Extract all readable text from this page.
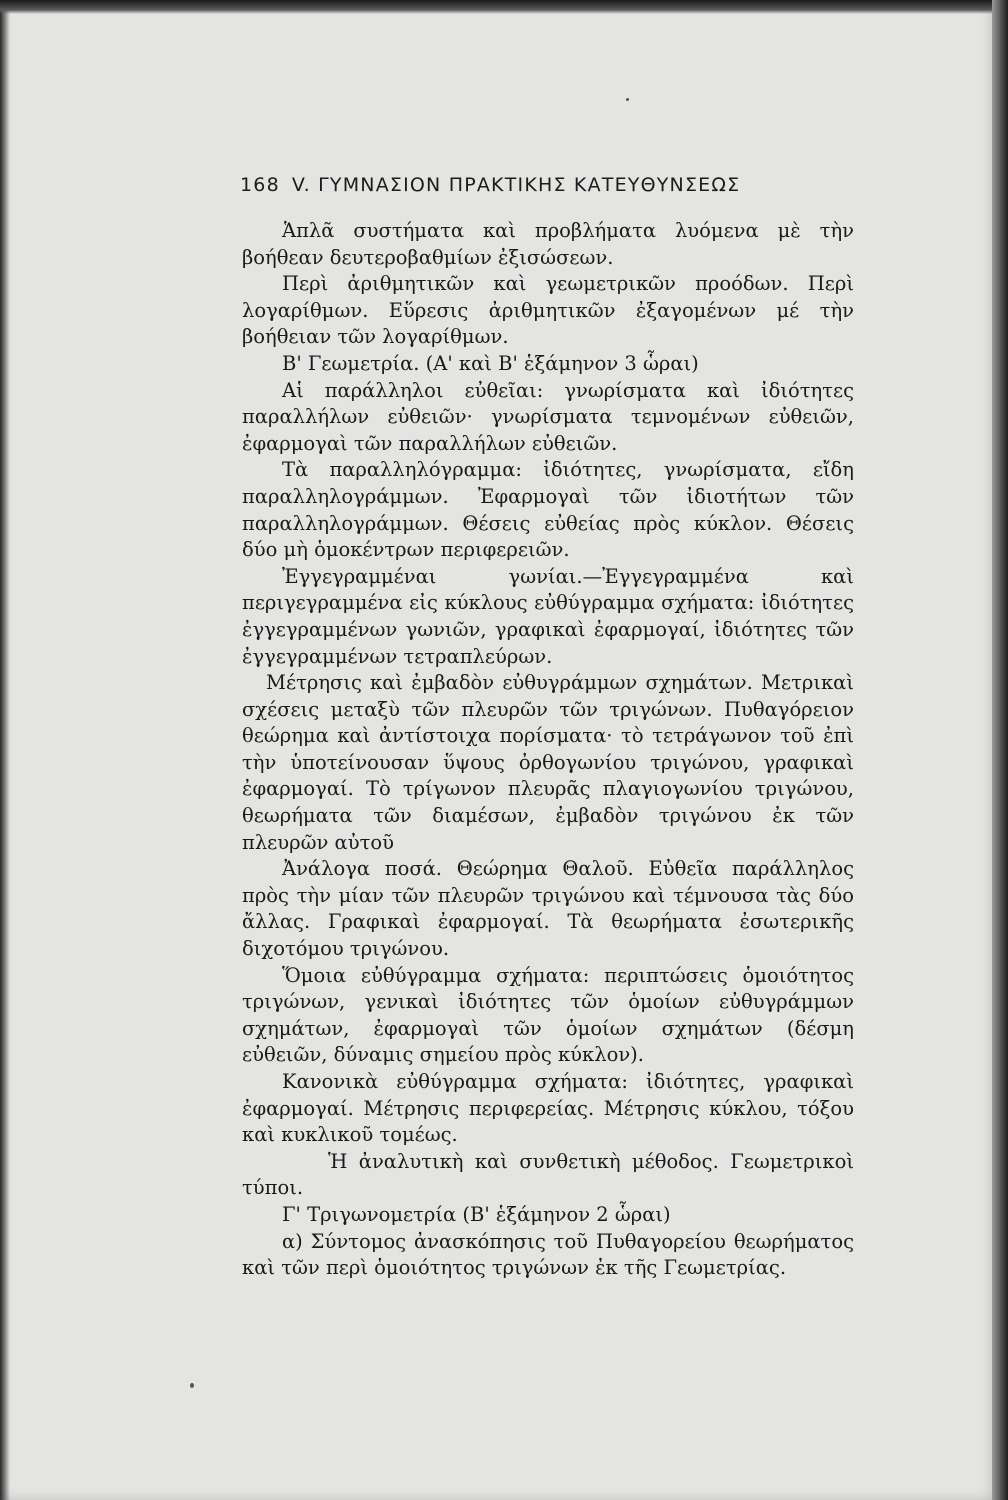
168 V. ΓΥΜΝΑΣΙΟΝ ΠΡΑΚΤΙΚΗΣ ΚΑΤΕΥΘΥΝΣΕΩΣ

Ἁπλᾶ συστήματα καὶ προβλήματα λυόμενα μὲ τὴν βοήθεαν δευτεροβαθμίων ἐξισώσεων.

Περὶ ἀριθμητικῶν καὶ γεωμετρικῶν προόδων. Περὶ λογαρίθμων. Εὕρεσις ἀριθμητικῶν ἐξαγομένων μέ τὴν βοήθειαν τῶν λογαρίθμων.

Β' Γεωμετρία. (Α' καὶ Β' ἑξάμηνον 3 ὧραι)

Αἱ παράλληλοι εὐθεῖαι: γνωρίσματα καὶ ἰδιότητες παραλλήλων εὐθειῶν· γνωρίσματα τεμνομένων εὐθειῶν, ἐφαρμογαὶ τῶν παραλλήλων εὐθειῶν.

Τὰ παραλληλόγραμμα: ἰδιότητες, γνωρίσματα, εἴδη παραλληλογράμμων. Ἐφαρμογαὶ τῶν ἰδιοτήτων τῶν παραλληλογράμμων. Θέσεις εὐθείας πρὸς κύκλον. Θέσεις δύο μὴ ὁμοκέντρων περιφερειῶν.

Ἐγγεγραμμέναι γωνίαι.—Ἐγγεγραμμένα καὶ περιγεγραμμένα εἰς κύκλους εὐθύγραμμα σχήματα: ἰδιότητες ἐγγεγραμμένων γωνιῶν, γραφικαὶ ἐφαρμογαί, ἰδιότητες τῶν ἐγγεγραμμένων τετραπλεύρων.

Μέτρησις καὶ ἐμβαδὸν εὐθυγράμμων σχημάτων. Μετρικαὶ σχέσεις μεταξὺ τῶν πλευρῶν τῶν τριγώνων. Πυθαγόρειον θεώρημα καὶ ἀντίστοιχα πορίσματα· τὸ τετράγωνον τοῦ ἐπὶ τὴν ὑποτείνουσαν ὕψους ὀρθογωνίου τριγώνου, γραφικαὶ ἐφαρμογαί. Τὸ τρίγωνον πλευρᾶς πλαγιογωνίου τριγώνου, θεωρήματα τῶν διαμέσων, ἐμβαδὸν τριγώνου ἐκ τῶν πλευρῶν αὐτοῦ

Ἀνάλογα ποσά. Θεώρημα Θαλοῦ. Εὐθεῖα παράλληλος πρὸς τὴν μίαν τῶν πλευρῶν τριγώνου καὶ τέμνουσα τὰς δύο ἄλλας. Γραφικαὶ ἐφαρμογαί. Τὰ θεωρήματα ἐσωτερικῆς διχοτόμου τριγώνου.

Ὅμοια εὐθύγραμμα σχήματα: περιπτώσεις ὁμοιότητος τριγώνων, γενικαὶ ἰδιότητες τῶν ὁμοίων εὐθυγράμμων σχημάτων, ἐφαρμογαὶ τῶν ὁμοίων σχημάτων (δέσμη εὐθειῶν, δύναμις σημείου πρὸς κύκλον).

Κανονικὰ εὐθύγραμμα σχήματα: ἰδιότητες, γραφικαὶ ἐφαρμογαί. Μέτρησις περιφερείας. Μέτρησις κύκλου, τόξου καὶ κυκλικοῦ τομέως.

Ἡ ἀναλυτικὴ καὶ συνθετικὴ μέθοδος. Γεωμετρικοὶ τύποι.

Γ' Τριγωνομετρία (Β' ἑξάμηνον 2 ὧραι)

α) Σύντομος ἀνασκόπησις τοῦ Πυθαγορείου θεωρήματος καὶ τῶν περὶ ὁμοιότητος τριγώνων ἐκ τῆς Γεωμετρίας.
